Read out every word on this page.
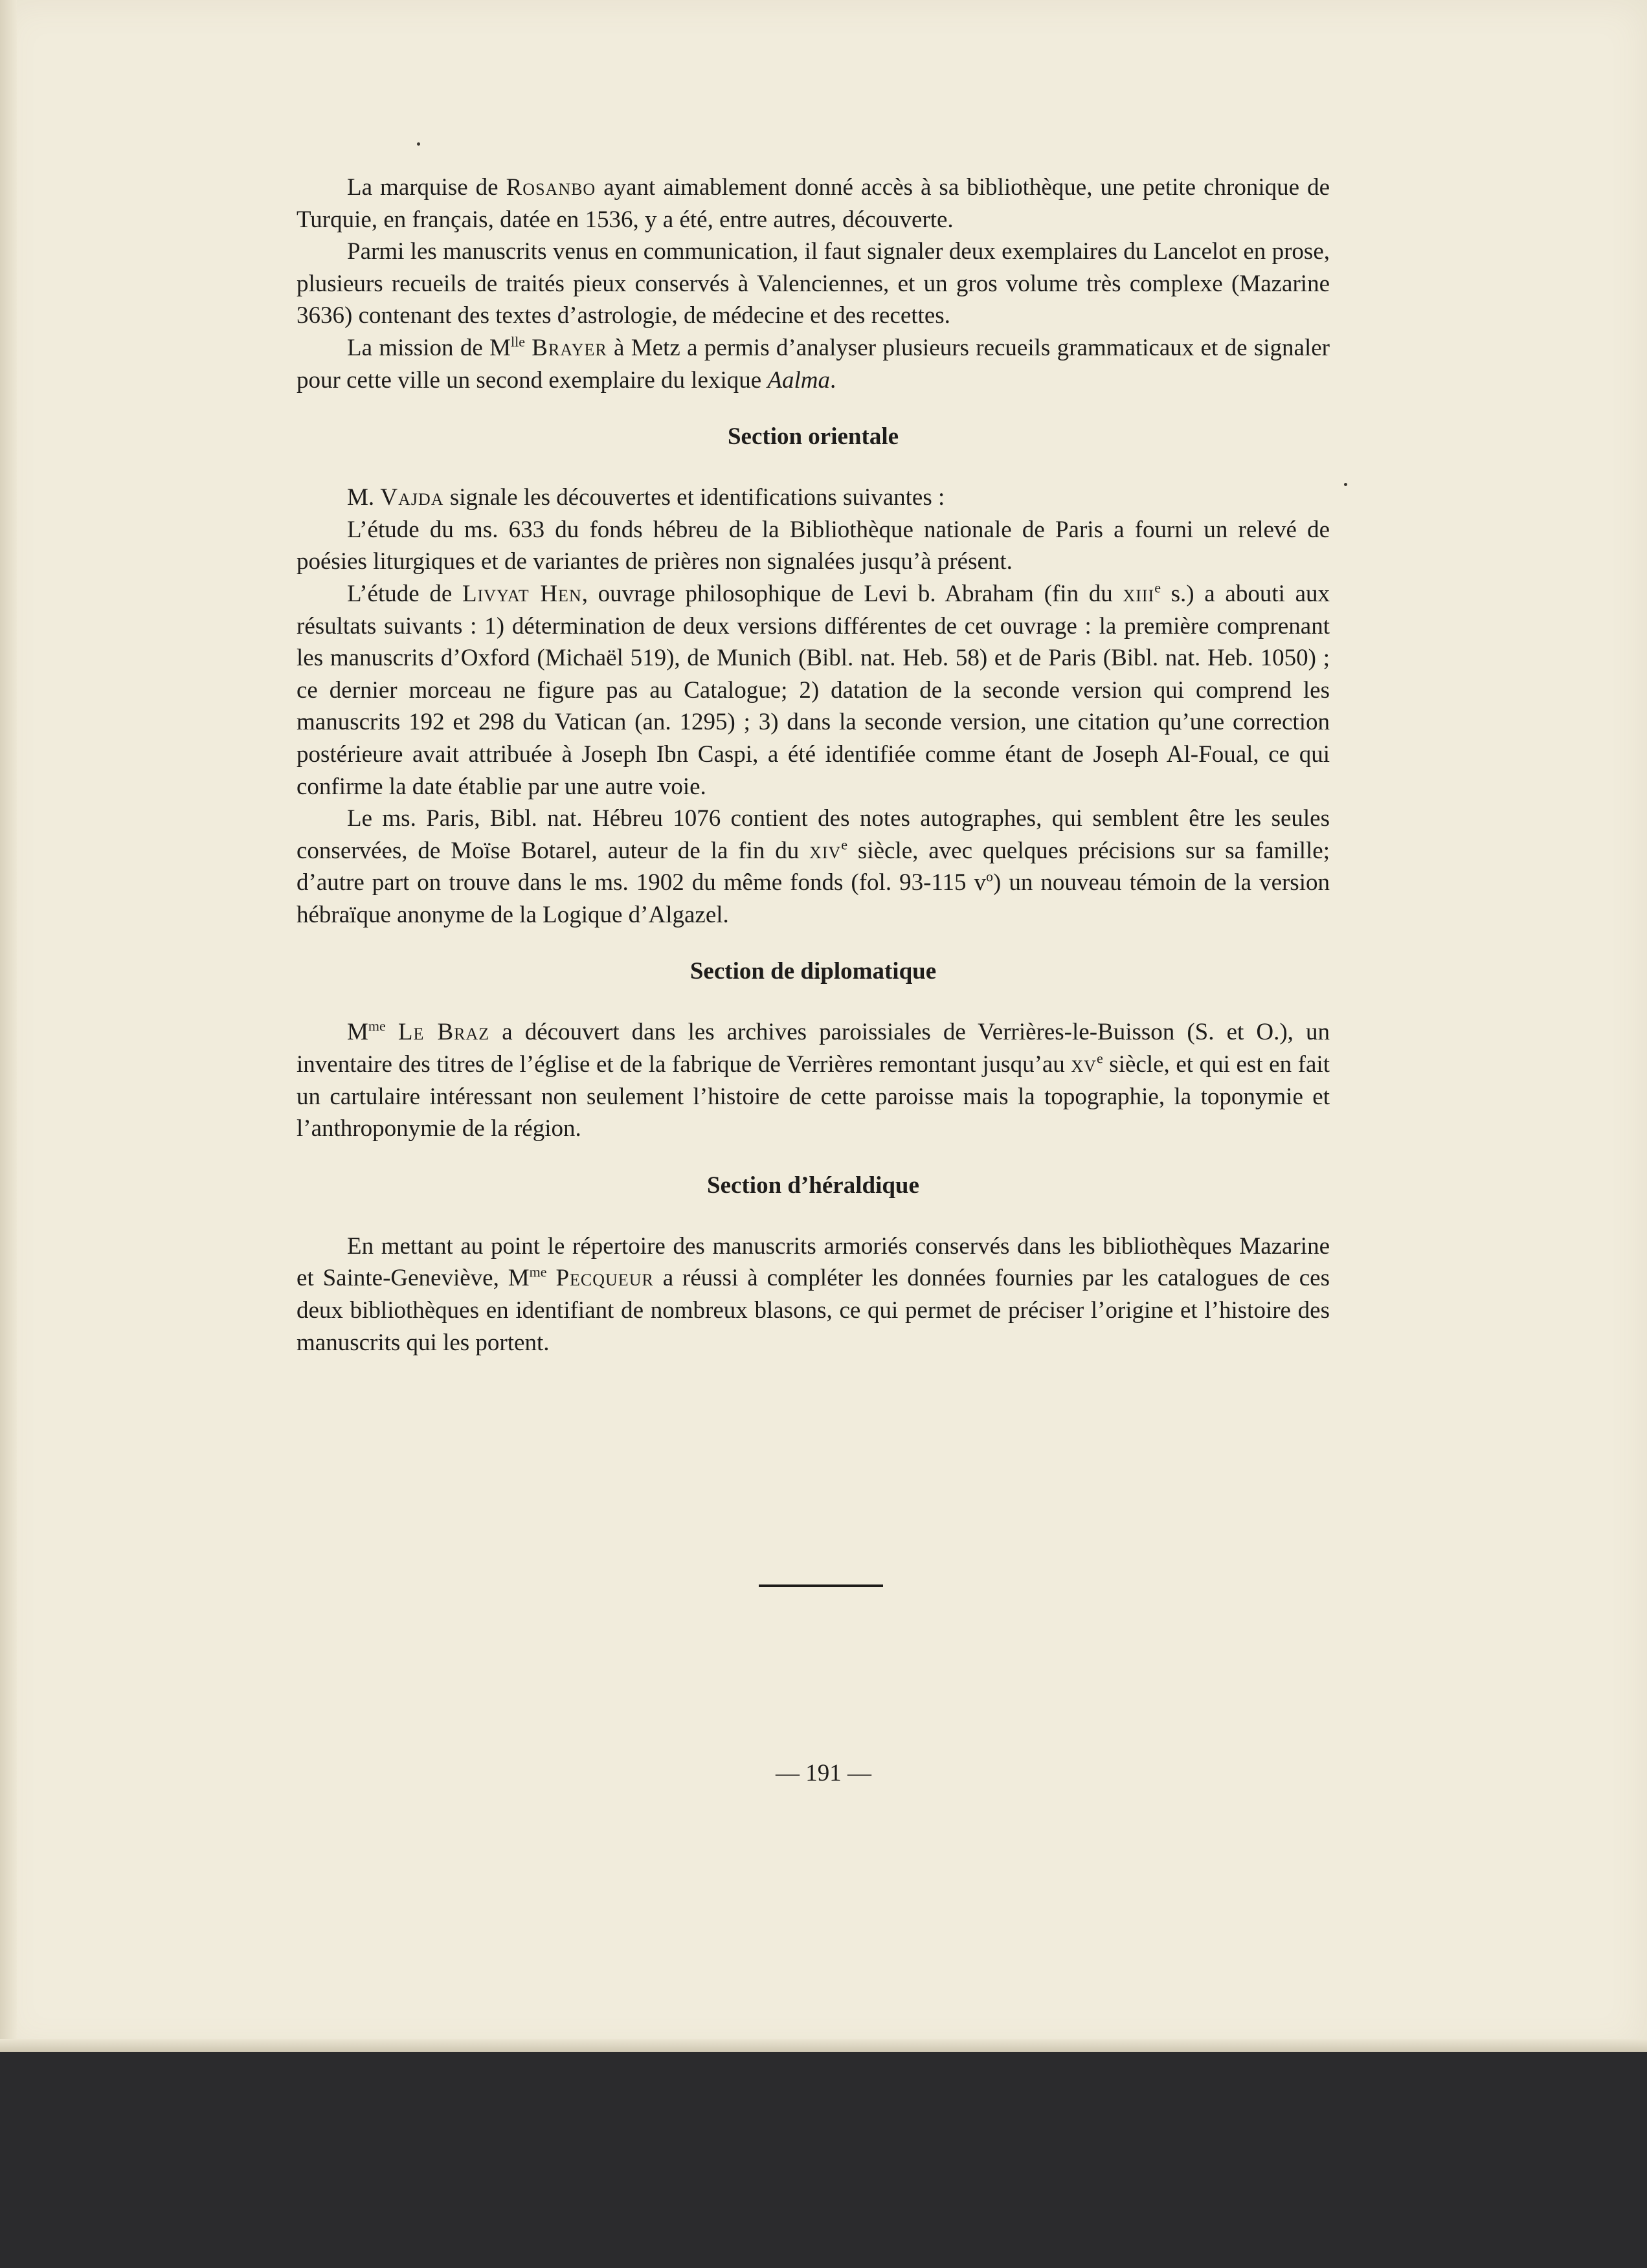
La marquise de Rosanbo ayant aimablement donné accès à sa bibliothèque, une petite chronique de Turquie, en français, datée en 1536, y a été, entre autres, découverte.

Parmi les manuscrits venus en communication, il faut signaler deux exemplaires du Lancelot en prose, plusieurs recueils de traités pieux conservés à Valenciennes, et un gros volume très complexe (Mazarine 3636) contenant des textes d’astrologie, de médecine et des recettes.

La mission de $M^{lle}$ Brayer à Metz a permis d’analyser plusieurs recueils grammaticaux et de signaler pour cette ville un second exemplaire du lexique Aalma.

Section orientale

M. Vajda signale les découvertes et identifications suivantes :

L’étude du ms. 633 du fonds hébreu de la Bibliothèque nationale de Paris a fourni un relevé de poésies liturgiques et de variantes de prières non signalées jusqu’à présent.

L’étude de Livyat Hen, ouvrage philosophique de Levi b. Abraham (fin du xiii$^e$ s.) a abouti aux résultats suivants : 1) détermination de deux versions différentes de cet ouvrage : la première comprenant les manuscrits d’Oxford (Michaël 519), de Munich (Bibl. nat. Heb. 58) et de Paris (Bibl. nat. Heb. 1050) ; ce dernier morceau ne figure pas au Catalogue; 2) datation de la seconde version qui comprend les manuscrits 192 et 298 du Vatican (an. 1295) ; 3) dans la seconde version, une citation qu’une correction postérieure avait attribuée à Joseph Ibn Caspi, a été identifiée comme étant de Joseph Al-Foual, ce qui confirme la date établie par une autre voie.

Le ms. Paris, Bibl. nat. Hébreu 1076 contient des notes autographes, qui semblent être les seules conservées, de Moïse Botarel, auteur de la fin du xiv$^e$ siècle, avec quelques précisions sur sa famille; d’autre part on trouve dans le ms. 1902 du même fonds (fol. 93-115 $v^o$) un nouveau témoin de la version hébraïque anonyme de la Logique d’Algazel.

Section de diplomatique

$M^{me}$ Le Braz a découvert dans les archives paroissiales de Verrières-le-Buisson (S. et O.), un inventaire des titres de l’église et de la fabrique de Verrières remontant jusqu’au $xv^e$ siècle, et qui est en fait un cartulaire intéressant non seulement l’histoire de cette paroisse mais la topographie, la toponymie et l’anthroponymie de la région.

Section d’héraldique

En mettant au point le répertoire des manuscrits armoriés conservés dans les bibliothèques Mazarine et Sainte-Geneviève, $M^{me}$ Pecqueur a réussi à compléter les données fournies par les catalogues de ces deux bibliothèques en identifiant de nombreux blasons, ce qui permet de préciser l’origine et l’histoire des manuscrits qui les portent.

— 191 —
